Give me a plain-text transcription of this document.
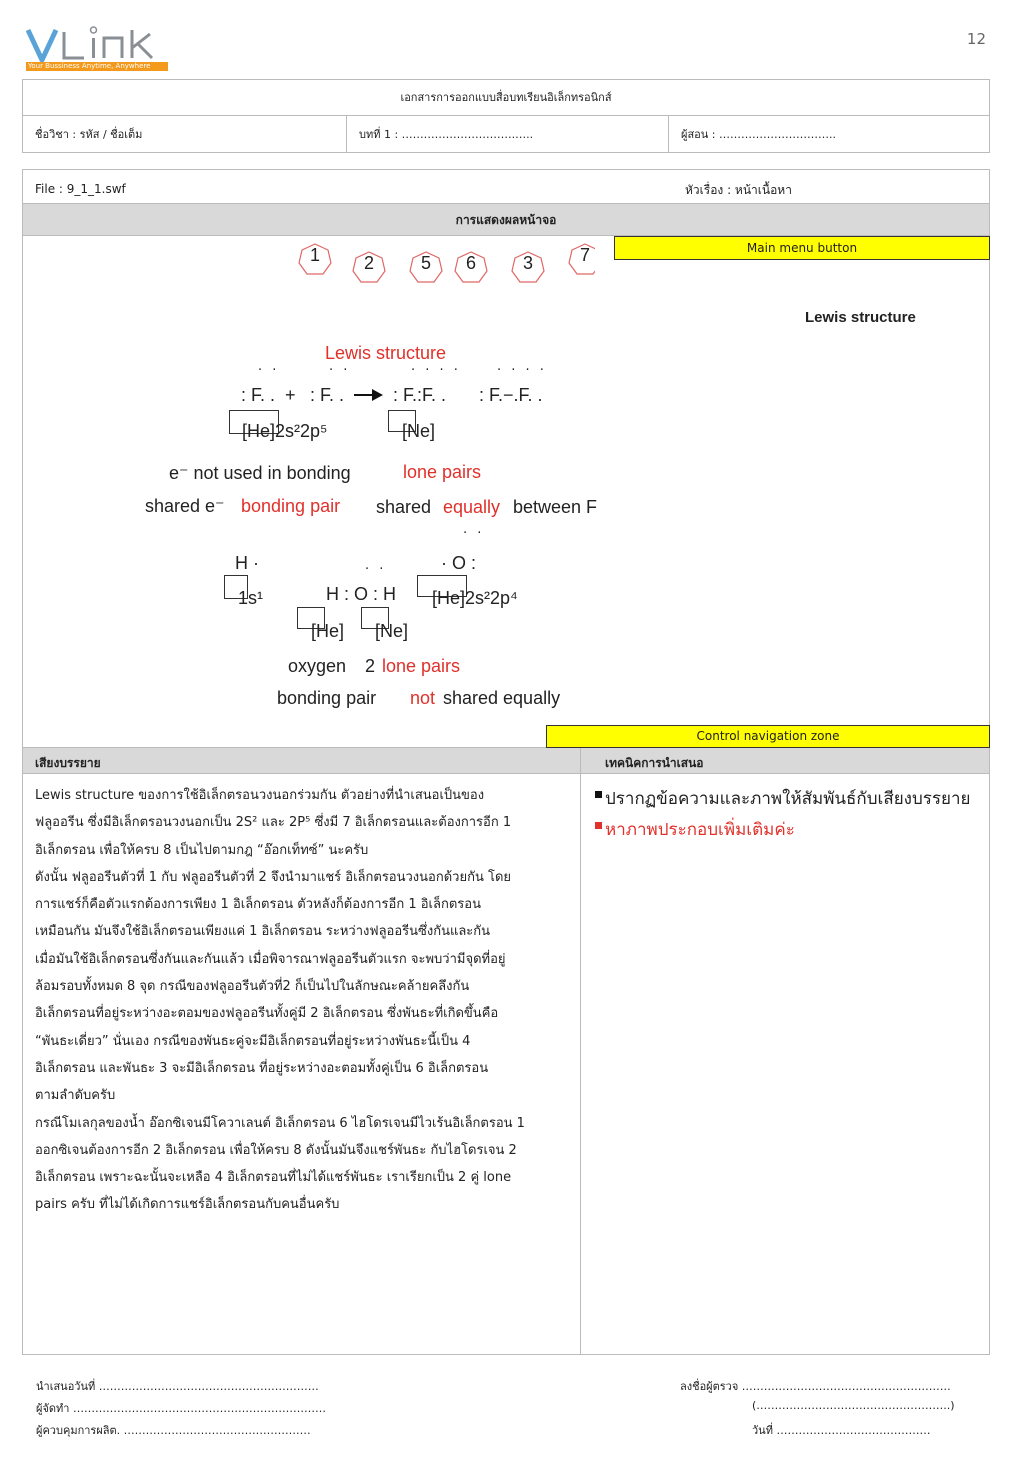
Your Bussiness Anytime, Anywhere
12
เอกสารการออกแบบสื่อบทเรียนอิเล็กทรอนิกส์
ชื่อวิชา : รหัส / ชื่อเต็ม	บทที่ 1 : ………………………….…..	ผู้สอน : …………………………..
File : 9_1_1.swf	หัวเรื่อง : หน้าเนื้อหา
การแสดงผลหน้าจอ
Main menu button
1 2	5 6	3	7
Lewis structure
Lewis structure
· ·	· ·	· · · ·	· · · ·
: F. . + : F. . → : F.:F. . : F.−.F. .
[He]2s²2p⁵	[Ne]
e⁻ not used in bonding	lone pairs
shared e⁻ bonding pair shared equally between F
· ·
H ·	· ·	· O :
1s¹	H : O : H [He]2s²2p⁴
[He] [Ne]
oxygen 2 lone pairs
bonding pair not shared equally
Control navigation zone
เสียงบรรยาย	เทคนิคการนำเสนอ

Lewis structure ของการใช้อิเล็กตรอนวงนอกร่วมกัน ตัวอย่างที่นำเสนอเป็นของ

ฟลูออรีน ซึ่งมีอิเล็กตรอนวงนอกเป็น 2S² และ 2P⁵ ซึ่งมี 7 อิเล็กตรอนและต้องการอีก 1

อิเล็กตรอน เพื่อให้ครบ 8 เป็นไปตามกฎ “อ๊อกเท็ทซ์” นะครับ

ดังนั้น ฟลูออรีนตัวที่ 1 กับ ฟลูออรีนตัวที่ 2 จึงนำมาแชร์ อิเล็กตรอนวงนอกด้วยกัน โดย

การแชร์ก็คือตัวแรกต้องการเพียง 1 อิเล็กตรอน ตัวหลังก็ต้องการอีก 1 อิเล็กตรอน

เหมือนกัน มันจึงใช้อิเล็กตรอนเพียงแค่ 1 อิเล็กตรอน ระหว่างฟลูออรีนซึ่งกันและกัน

เมื่อมันใช้อิเล็กตรอนซึ่งกันและกันแล้ว เมื่อพิจารณาฟลูออรีนตัวแรก จะพบว่ามีจุดที่อยู่

ล้อมรอบทั้งหมด 8 จุด กรณีของฟลูออรีนตัวที่2 ก็เป็นไปในลักษณะคล้ายคลึงกัน

อิเล็กตรอนที่อยู่ระหว่างอะตอมของฟลูออรีนทั้งคู่มี 2 อิเล็กตรอน ซึ่งพันธะที่เกิดขึ้นคือ

“พันธะเดี่ยว” นั่นเอง กรณีของพันธะคู่จะมีอิเล็กตรอนที่อยู่ระหว่างพันธะนี้เป็น 4

อิเล็กตรอน และพันธะ 3 จะมีอิเล็กตรอน ที่อยู่ระหว่างอะตอมทั้งคู่เป็น 6 อิเล็กตรอน

ตามลำดับครับ

กรณีโมเลกุลของน้ำ อ๊อกซิเจนมีโควาเลนต์ อิเล็กตรอน 6 ไฮโดรเจนมีไวเร้นอิเล็กตรอน 1

ออกซิเจนต้องการอีก 2 อิเล็กตรอน เพื่อให้ครบ 8 ดังนั้นมันจึงแชร์พันธะ กับไฮโดรเจน 2

อิเล็กตรอน เพราะฉะนั้นจะเหลือ 4 อิเล็กตรอนที่ไม่ได้แชร์พันธะ เราเรียกเป็น 2 คู่ lone

pairs ครับ ที่ไม่ได้เกิดการแชร์อิเล็กตรอนกับคนอื่นครับ

ปรากฏข้อความและภาพให้สัมพันธ์กับเสียงบรรยาย
หาภาพประกอบเพิ่มเติมค่ะ
นำเสนอวันที่ ……………………………………………………
ผู้จัดทำ ……………………………………………………………
ผู้ควบคุมการผลิต. ……………………………………………
ลงชื่อผู้ตรวจ …………………………………………………
(……………………………………………..)
วันที่ ……………………………………
